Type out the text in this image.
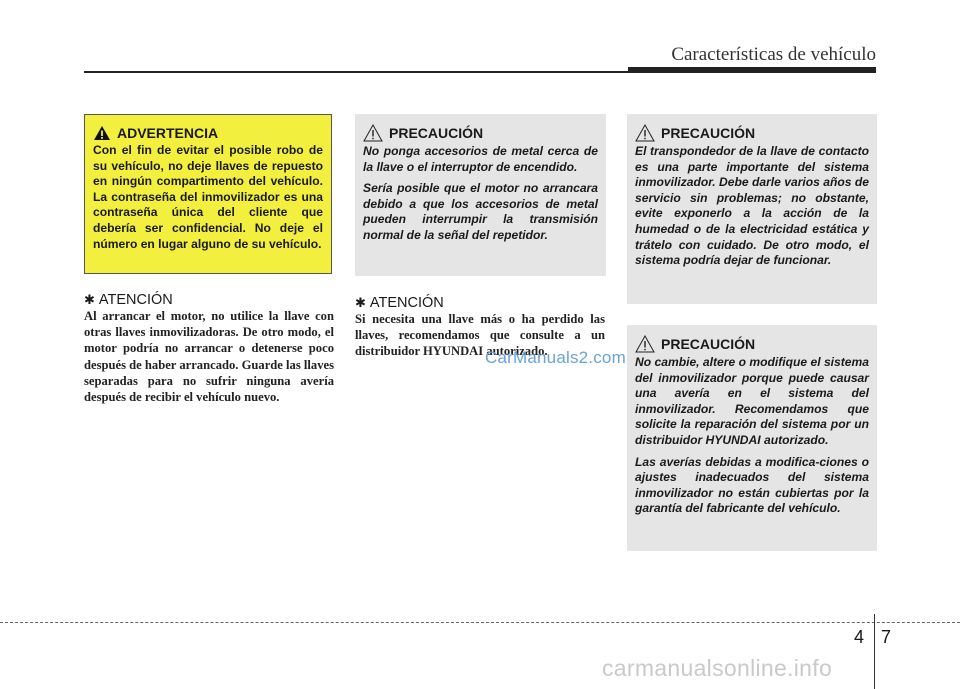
Características de vehículo
ADVERTENCIA

Con el fin de evitar el posible robo de su vehículo, no deje llaves de repuesto en ningún compartimento del vehículo. La contraseña del inmovilizador es una contraseña única del cliente que debería ser confidencial. No deje el número en lugar alguno de su vehículo.

✱ ATENCIÓN
Al arrancar el motor, no utilice la llave con otras llaves inmovilizadoras. De otro modo, el motor podría no arrancar o detenerse poco después de haber arrancado. Guarde las llaves separadas para no sufrir ninguna avería después de recibir el vehículo nuevo.
PRECAUCIÓN

No ponga accesorios de metal cerca de la llave o el interruptor de encendido.

Sería posible que el motor no arrancara debido a que los accesorios de metal pueden interrumpir la transmisión normal de la señal del repetidor.

✱ ATENCIÓN
Si necesita una llave más o ha perdido las llaves, recomendamos que consulte a un distribuidor HYUNDAI autorizado.
PRECAUCIÓN

El transpondedor de la llave de contacto es una parte importante del sistema inmovilizador. Debe darle varios años de servicio sin problemas; no obstante, evite exponerlo a la acción de la humedad o de la electricidad estática y trátelo con cuidado. De otro modo, el sistema podría dejar de funcionar.

PRECAUCIÓN

No cambie, altere o modifique el sistema del inmovilizador porque puede causar una avería en el sistema del inmovilizador. Recomendamos que solicite la reparación del sistema por un distribuidor HYUNDAI autorizado.

Las averías debidas a modifica-ciones o ajustes inadecuados del sistema inmovilizador no están cubiertas por la garantía del fabricante del vehículo.

CarManuals2.com
4 7
carmanualsonline.info
